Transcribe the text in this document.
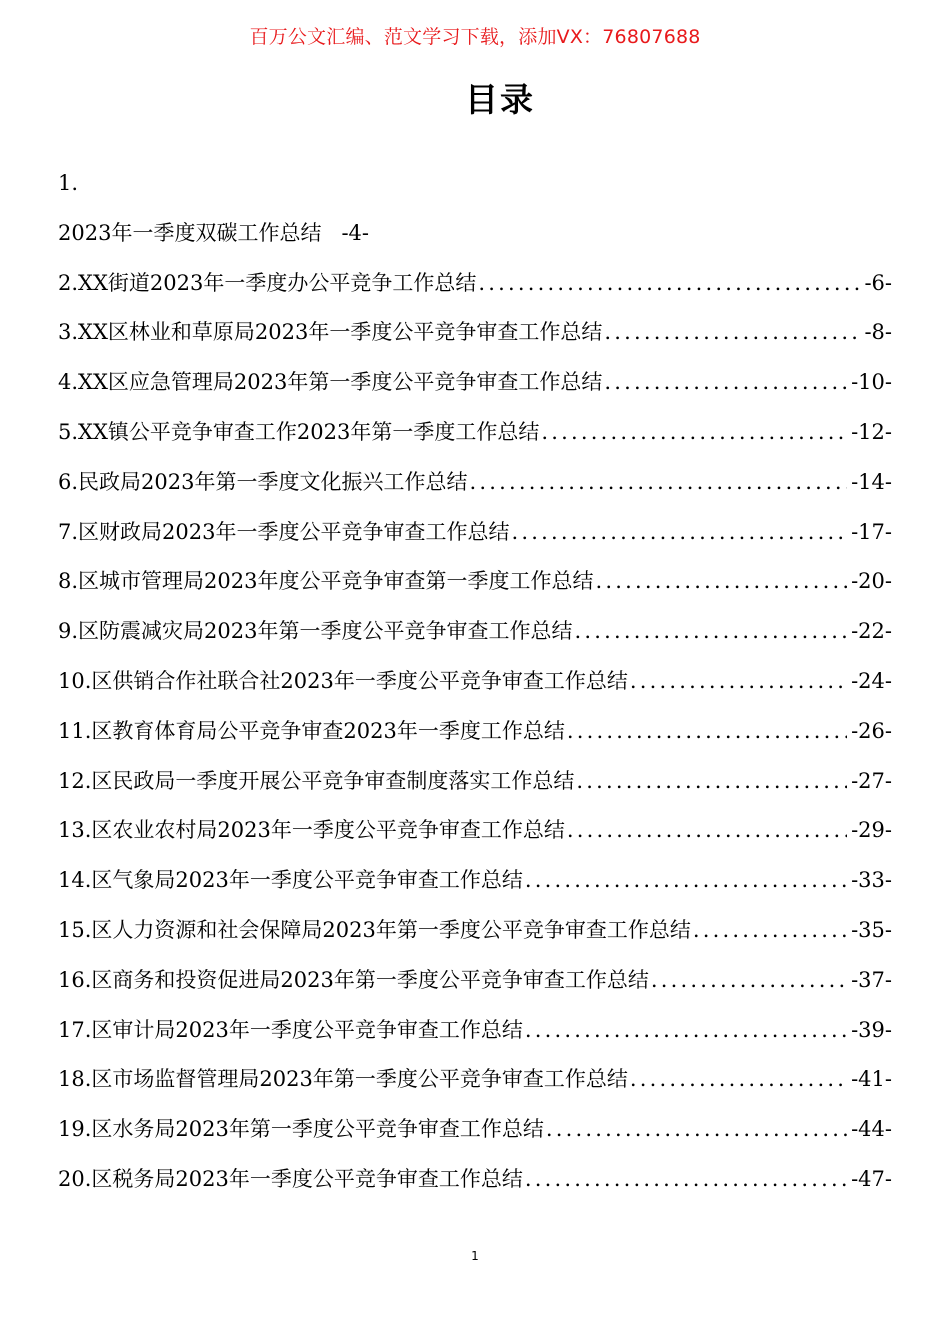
百万公文汇编、范文学习下载，添加VX：76807688
目录
1.
2023年一季度双碳工作总结 -4-
2.XX街道2023年一季度办公平竞争工作总结 .....	-6-
3.XX区林业和草原局2023年一季度公平竞争审查工作总结 .....	-8-
4.XX区应急管理局2023年第一季度公平竞争审查工作总结 .....	-10-
5.XX镇公平竞争审查工作2023年第一季度工作总结 .....	-12-
6.民政局2023年第一季度文化振兴工作总结 .....	-14-
7.区财政局2023年一季度公平竞争审查工作总结 .....	-17-
8.区城市管理局2023年度公平竞争审查第一季度工作总结 .....	-20-
9.区防震减灾局2023年第一季度公平竞争审查工作总结 .....	-22-
10.区供销合作社联合社2023年一季度公平竞争审查工作总结 .....	-24-
11.区教育体育局公平竞争审查2023年一季度工作总结 .....	-26-
12.区民政局一季度开展公平竞争审查制度落实工作总结 .....	-27-
13.区农业农村局2023年一季度公平竞争审查工作总结 .....	-29-
14.区气象局2023年一季度公平竞争审查工作总结 .....	-33-
15.区人力资源和社会保障局2023年第一季度公平竞争审查工作总结 .....	-35-
16.区商务和投资促进局2023年第一季度公平竞争审查工作总结 .....	-37-
17.区审计局2023年一季度公平竞争审查工作总结 .....	-39-
18.区市场监督管理局2023年第一季度公平竞争审查工作总结 .....	-41-
19.区水务局2023年第一季度公平竞争审查工作总结 .....	-44-
20.区税务局2023年一季度公平竞争审查工作总结 .....	-47-
1
